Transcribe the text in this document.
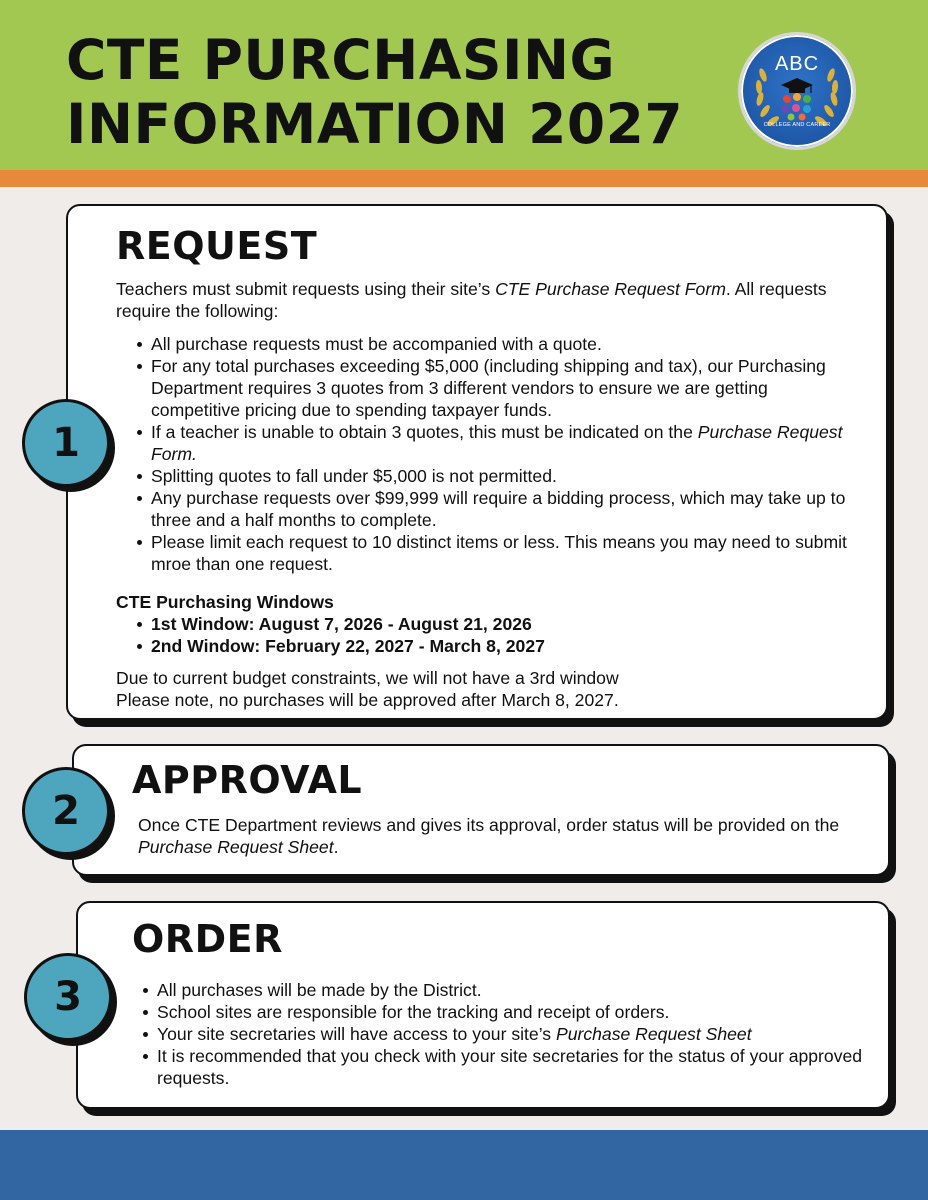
CTE PURCHASING
INFORMATION 2027
ABC
COLLEGE AND CAREER
REQUEST

Teachers must submit requests using their site’s CTE Purchase Request Form. All requests require the following:

All purchase requests must be accompanied with a quote.
For any total purchases exceeding $5,000 (including shipping and tax), our Purchasing Department requires 3 quotes from 3 different vendors to ensure we are getting competitive pricing due to spending taxpayer funds.
If a teacher is unable to obtain 3 quotes, this must be indicated on the Purchase Request Form.
Splitting quotes to fall under $5,000 is not permitted.
Any purchase requests over $99,999 will require a bidding process, which may take up to three and a half months to complete.
Please limit each request to 10 distinct items or less. This means you may need to submit mroe than one request.

CTE Purchasing Windows

1st Window: August 7, 2026 - August 21, 2026
2nd Window: February 22, 2027 - March 8, 2027

Due to current budget constraints, we will not have a 3rd window

Please note, no purchases will be approved after March 8, 2027.

1
APPROVAL

Once CTE Department reviews and gives its approval, order status will be provided on the Purchase Request Sheet.

2
ORDER
All purchases will be made by the District.
School sites are responsible for the tracking and receipt of orders.
Your site secretaries will have access to your site’s Purchase Request Sheet
It is recommended that you check with your site secretaries for the status of your approved requests.
3
